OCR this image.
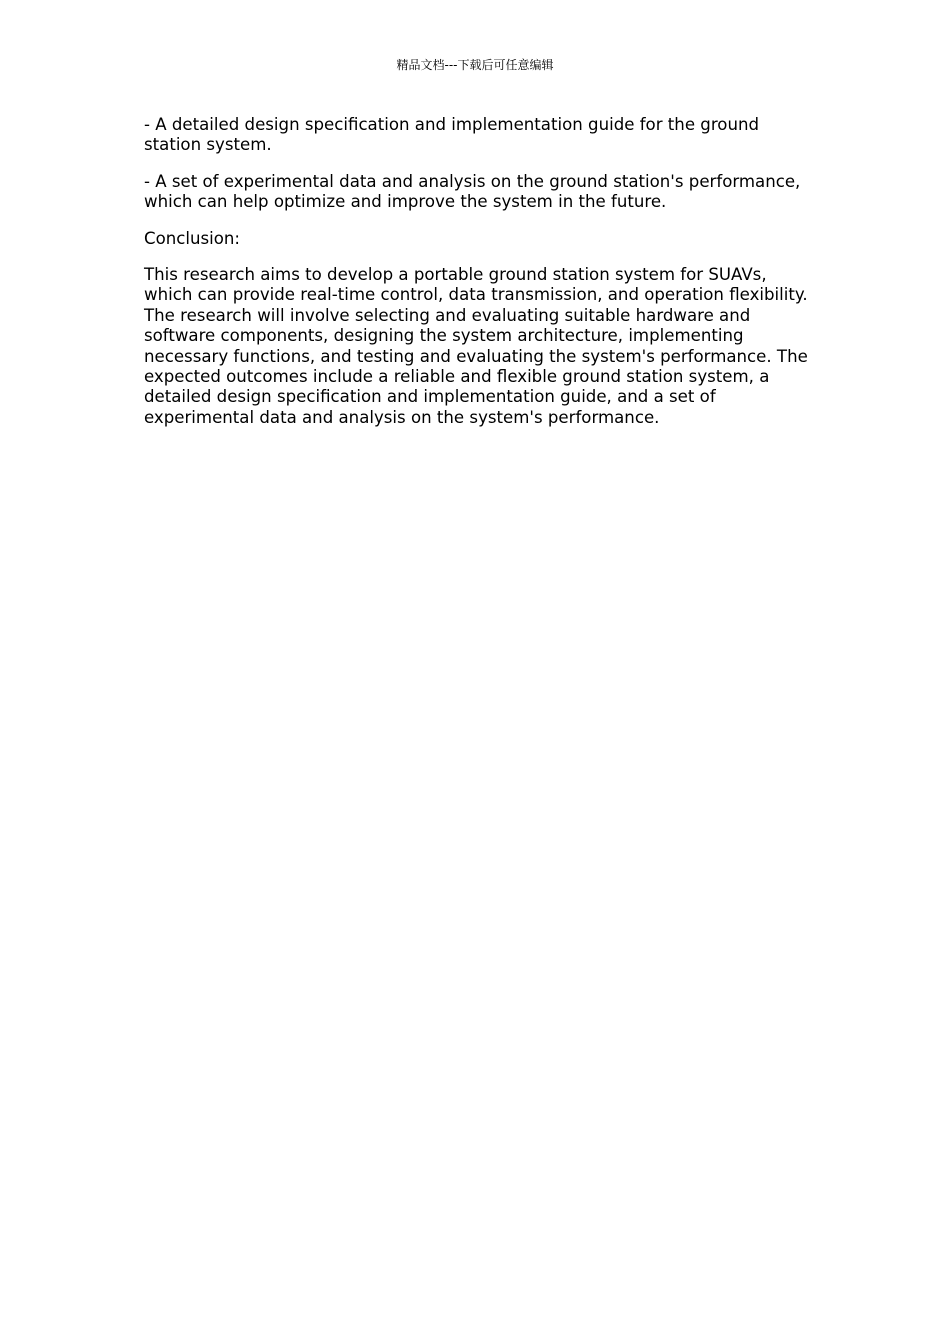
精品文档---下载后可任意编辑

- A detailed design specification and implementation guide for the ground station system.

- A set of experimental data and analysis on the ground station's performance, which can help optimize and improve the system in the future.

Conclusion:

This research aims to develop a portable ground station system for SUAVs, which can provide real-time control, data transmission, and operation flexibility. The research will involve selecting and evaluating suitable hardware and software components, designing the system architecture, implementing necessary functions, and testing and evaluating the system's performance. The expected outcomes include a reliable and flexible ground station system, a detailed design specification and implementation guide, and a set of experimental data and analysis on the system's performance.
